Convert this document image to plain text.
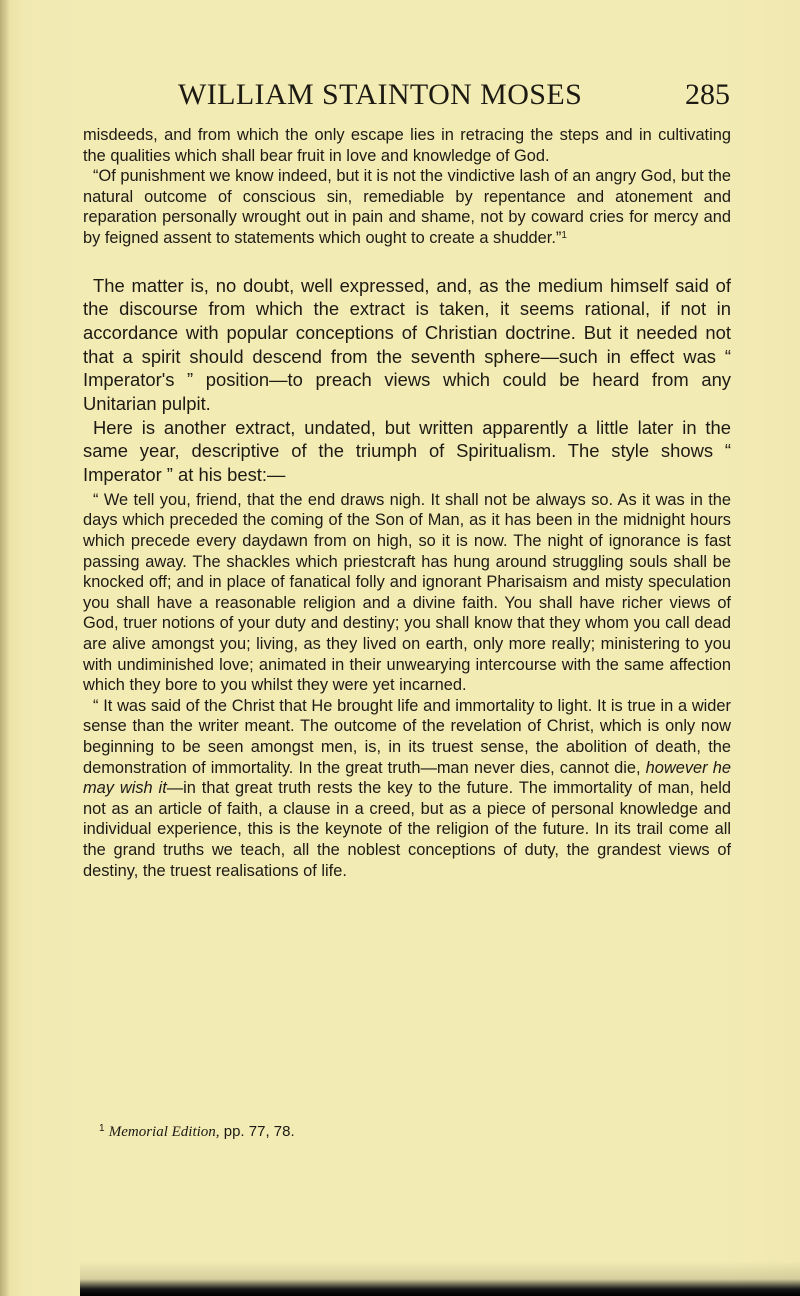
WILLIAM STAINTON MOSES	285

misdeeds, and from which the only escape lies in retracing the steps and in cultivating the qualities which shall bear fruit in love and knowledge of God.

“Of punishment we know indeed, but it is not the vindictive lash of an angry God, but the natural outcome of conscious sin, remediable by repentance and atonement and reparation personally wrought out in pain and shame, not by coward cries for mercy and by feigned assent to statements which ought to create a shudder.”$^1$

The matter is, no doubt, well expressed, and, as the medium himself said of the discourse from which the extract is taken, it seems rational, if not in accordance with popular conceptions of Christian doctrine. But it needed not that a spirit should descend from the seventh sphere—such in effect was “ Imperator's ” position—to preach views which could be heard from any Unitarian pulpit.

Here is another extract, undated, but written apparently a little later in the same year, descriptive of the triumph of Spiritualism. The style shows “ Imperator ” at his best:—

“ We tell you, friend, that the end draws nigh. It shall not be always so. As it was in the days which preceded the coming of the Son of Man, as it has been in the midnight hours which precede every daydawn from on high, so it is now. The night of ignorance is fast passing away. The shackles which priestcraft has hung around struggling souls shall be knocked off; and in place of fanatical folly and ignorant Pharisaism and misty speculation you shall have a reasonable religion and a divine faith. You shall have richer views of God, truer notions of your duty and destiny; you shall know that they whom you call dead are alive amongst you; living, as they lived on earth, only more really; ministering to you with undiminished love; animated in their unwearying intercourse with the same affection which they bore to you whilst they were yet incarned.

“ It was said of the Christ that He brought life and immortality to light. It is true in a wider sense than the writer meant. The outcome of the revelation of Christ, which is only now beginning to be seen amongst men, is, in its truest sense, the abolition of death, the demonstration of immortality. In the great truth—man never dies, cannot die, however he may wish it—in that great truth rests the key to the future. The immortality of man, held not as an article of faith, a clause in a creed, but as a piece of personal knowledge and individual experience, this is the keynote of the religion of the future. In its trail come all the grand truths we teach, all the noblest conceptions of duty, the grandest views of destiny, the truest realisations of life.

$^1$ Memorial Edition, pp. 77, 78.
